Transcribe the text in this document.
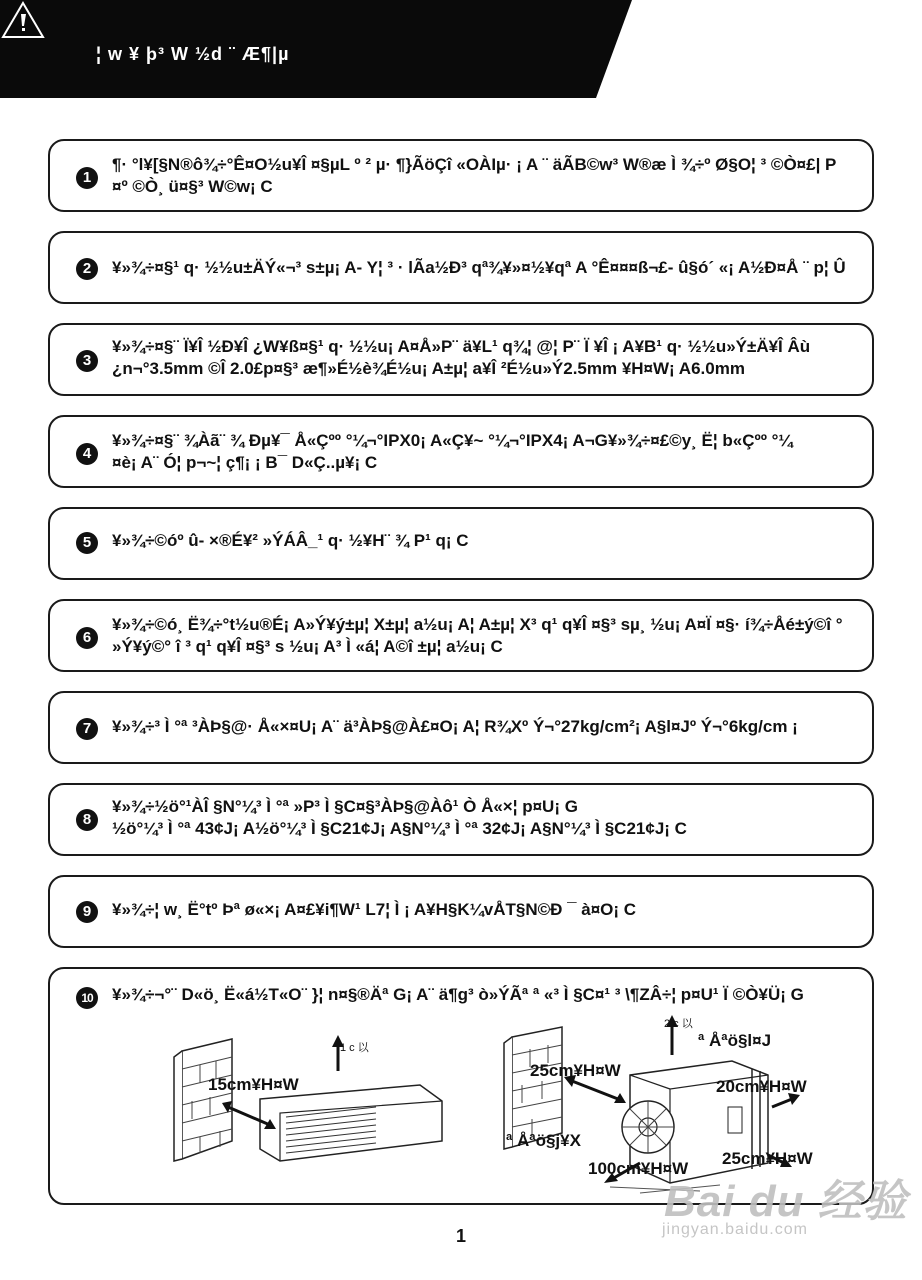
¦ w ¥ þ³ W ½d ¨ Æ¶|µ
1
¶· °l¥[§N®ô¾÷°Ê¤O½u¥Î ¤§µL º ² µ· ¶}ÃöÇî «OÀIµ· ¡ A ¨ äÃB©w³ W®æ Ì ¾÷º Ø§O¦ ³ ©Ò¤£| P
¤º ©Ò¸ ü¤§³ W©w¡ C
2	¥»¾÷¤§¹ q· ½½u±ÄÝ«¬³ s±µ¡ A- Y¦ ³ · lÃa½Ð³ qª¾¥»¤½¥qª A °Ê¤¤¤ß¬£- û§ó´ «¡ A½Ð¤Å ¨ p¦ Û
3
¥»¾÷¤§¨ Ï¥Î ½Ð¥Î ¿W¥ß¤§¹ q· ½½u¡ A¤Å»P¨ ä¥L¹ q¾¦ @¦ P¨ Ï ¥Î ¡ A¥B¹ q· ½½u»Ý±Ä¥Î Âù
¿n¬°3.5mm ©Î 2.0£p¤§³ æ¶»É½è¾É½u¡ A±µ¦ a¥Î ²É½u»Ý2.5mm ¥H¤W¡ A6.0mm
4
¥»¾÷¤§¨ ¾Àã¨ ¾ Ðµ¥¯ Å«Çºº °¼¬°IPX0¡ A«Ç¥~ °¼¬°IPX4¡ A¬G¥»¾÷¤£©y¸ Ë¦ b«Çºº °¼
¤è¡ A¨ Ó¦ p¬~¦ ç¶¡ ¡ B¯ D«Ç..µ¥¡ C
5	¥»¾÷©óº û- ×®É¥² »ÝÁÂ_¹ q· ½¥H¨ ¾ P¹ q¡ C
6
¥»¾÷©ó¸ Ë¾÷°t½u®É¡ A»Ý¥ý±µ¦ X±µ¦ a½u¡ A¦ A±µ¦ X³ q¹ q¥Î ¤§³ sµ¸ ½u¡ A¤Ï ¤§· í¾÷Åé±ý©î °
»Ý¥ý©° î ³ q¹ q¥Î ¤§³ s ½u¡ A³ Ì «á¦ A©î ±µ¦ a½u¡ C
7	¥»¾÷³ Ì °ª ³ÀÞ§@· Å«×¤U¡ A¨ ä³ÀÞ§@À£¤O¡ A¦ R¾Xº Ý¬°27kg/cm²¡ A§l¤Jº Ý¬°6kg/cm ¡
8
¥»¾÷½ö°¹ÀÎ §N°¼³ Ì °ª »P³ Ì §C¤§³ÀÞ§@Àô¹ Ò Å«×¦ p¤U¡ G
½ö°¼³ Ì °ª 43¢J¡ A½ö°¼³ Ì §C21¢J¡ A§N°¼³ Ì °ª 32¢J¡ A§N°¼³ Ì §C21¢J¡ C
9	¥»¾÷¦ w¸ Ë°tº Þª ø«×¡ A¤£¥i¶W¹ L7¦ Ì ¡ A¥H§K¼vÅT§N©Ð ¯ à¤O¡ C
10	¥»¾÷¬°¨ D«ö¸ Ë«á½T«O¨ }¦ n¤§®Äª G¡ A¨ ä¶g³ ò»ÝÃª ª «³ Ì §C¤¹ ³ \¶ZÂ÷¦ p¤U¹ Ï ©Ò¥Ü¡ G
1 c 以
15cm¥H¤W
2 c 以
ª Åªö§l¤J
25cm¥H¤W
20cm¥H¤W
ª Åªö§j¥X
100cm¥H¤W
25cm¥H¤W
1
Bai du 经验
jingyan.baidu.com
